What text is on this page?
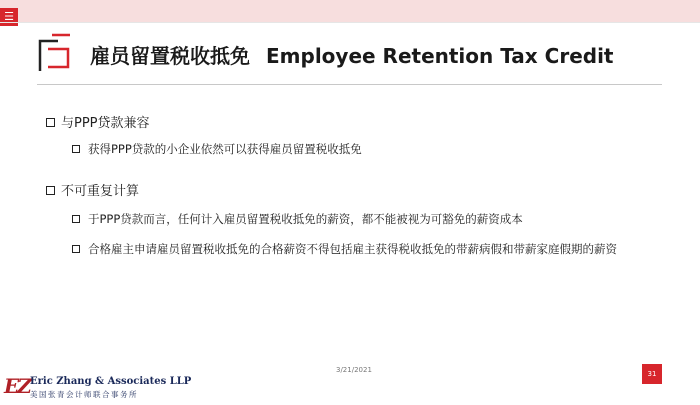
☰
雇员留置税收抵免 Employee Retention Tax Credit
与PPP贷款兼容
获得PPP贷款的小企业依然可以获得雇员留置税收抵免
不可重复计算
于PPP贷款而言，任何计入雇员留置税收抵免的薪资，都不能被视为可豁免的薪资成本
合格雇主申请雇员留置税收抵免的合格薪资不得包括雇主获得税收抵免的带薪病假和带薪家庭假期的薪资
3/21/2021	31
EZ Eric Zhang & Associates LLP
美国张青会计师联合事务所
